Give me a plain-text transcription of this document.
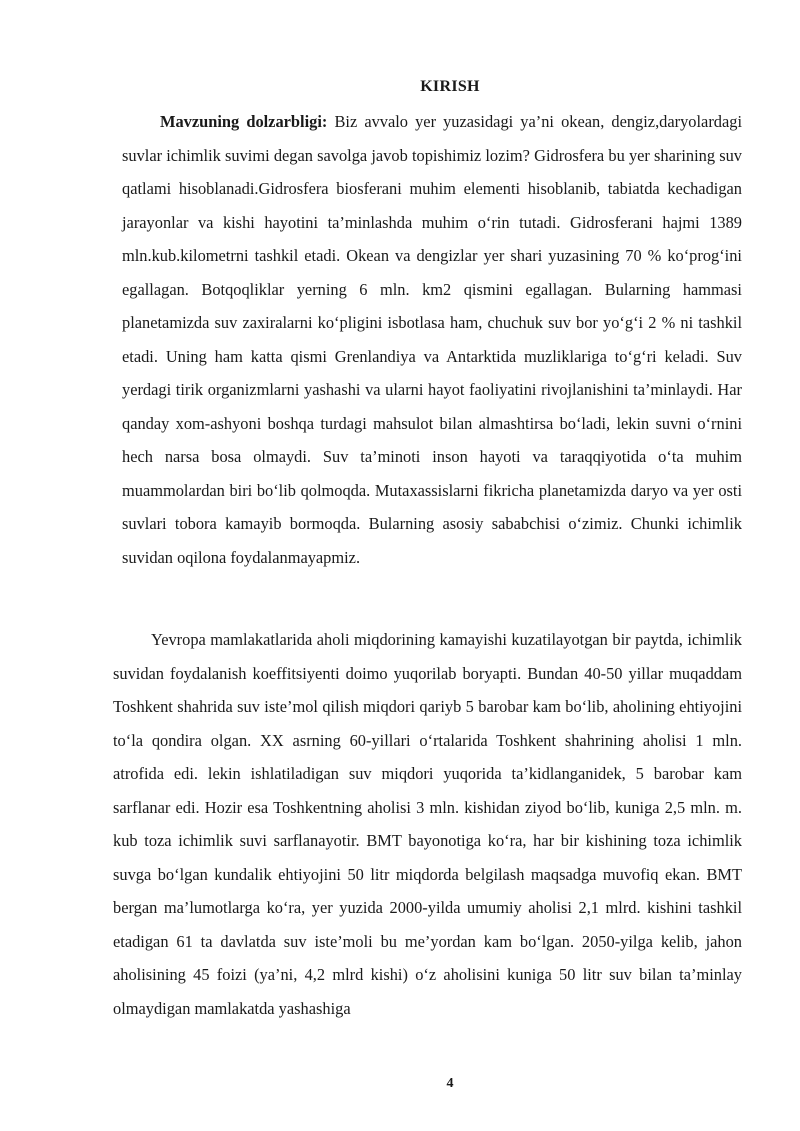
KIRISH

Mavzuning dolzarbligi: Biz avvalo yer yuzasidagi ya’ni okean, dengiz,daryolardagi suvlar ichimlik suvimi degan savolga javob topishimiz lozim? Gidrosfera bu yer sharining suv qatlami hisoblanadi.Gidrosfera biosferani muhim elementi hisoblanib, tabiatda kechadigan jarayonlar va kishi hayotini ta’minlashda muhim o‘rin tutadi. Gidrosferani hajmi 1389 mln.kub.kilometrni tashkil etadi. Okean va dengizlar yer shari yuzasining 70 % ko‘prog‘ini egallagan. Botqoqliklar yerning 6 mln. km2 qismini egallagan. Bularning hammasi planetamizda suv zaxiralarni ko‘pligini isbotlasa ham, chuchuk suv bor yo‘g‘i 2 % ni tashkil etadi. Uning ham katta qismi Grenlandiya va Antarktida muzliklariga to‘g‘ri keladi. Suv yerdagi tirik organizmlarni yashashi va ularni hayot faoliyatini rivojlanishini ta’minlaydi. Har qanday xom-ashyoni boshqa turdagi mahsulot bilan almashtirsa bo‘ladi, lekin suvni o‘rnini hech narsa bosa olmaydi. Suv ta’minoti inson hayoti va taraqqiyotida o‘ta muhim muammolardan biri bo‘lib qolmoqda. Mutaxassislarni fikricha planetamizda daryo va yer osti suvlari tobora kamayib bormoqda. Bularning asosiy sababchisi o‘zimiz. Chunki ichimlik suvidan oqilona foydalanmayapmiz.

Yevropa mamlakatlarida aholi miqdorining kamayishi kuzatilayotgan bir paytda, ichimlik suvidan foydalanish koeffitsiyenti doimo yuqorilab boryapti. Bundan 40-50 yillar muqaddam Toshkent shahrida suv iste’mol qilish miqdori qariyb 5 barobar kam bo‘lib, aholining ehtiyojini to‘la qondira olgan. XX asrning 60-yillari o‘rtalarida Toshkent shahrining aholisi 1 mln. atrofida edi. lekin ishlatiladigan suv miqdori yuqorida ta’kidlanganidek, 5 barobar kam sarflanar edi. Hozir esa Toshkentning aholisi 3 mln. kishidan ziyod bo‘lib, kuniga 2,5 mln. m. kub toza ichimlik suvi sarflanayotir. BMT bayonotiga ko‘ra, har bir kishining toza ichimlik suvga bo‘lgan kundalik ehtiyojini 50 litr miqdorda belgilash maqsadga muvofiq ekan. BMT bergan ma’lumotlarga ko‘ra, yer yuzida 2000-yilda umumiy aholisi 2,1 mlrd. kishini tashkil etadigan 61 ta davlatda suv iste’moli bu me’yordan kam bo‘lgan. 2050-yilga kelib, jahon aholisining 45 foizi (ya’ni, 4,2 mlrd kishi) o‘z aholisini kuniga 50 litr suv bilan ta’minlay olmaydigan mamlakatda yashashiga

4
